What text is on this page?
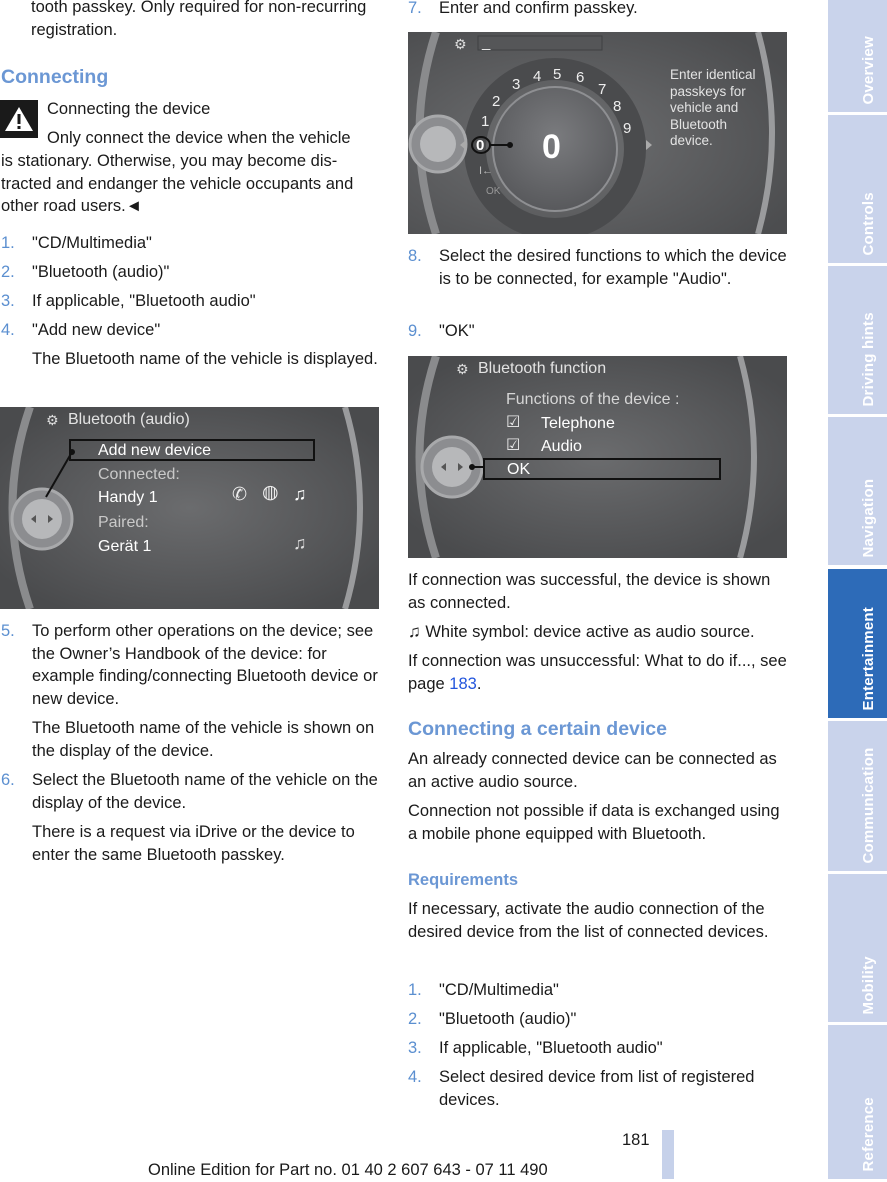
tooth passkey. Only required for non-recurring registration.

Connecting
Connecting the device
Only connect the device when the vehicle

is stationary. Otherwise, you may become distracted and endanger the vehicle occupants and other road users.◄

1. "CD/Multimedia"
2. "Bluetooth (audio)"
3. If applicable, "Bluetooth audio"
4. "Add new device"

The Bluetooth name of the vehicle is displayed.

⚙ Bluetooth (audio)
Add new device
Connected:
Handy 1	✆ ◍ ♫
Paired:
Gerät 1	♫
5. To perform other operations on the device; see the Owner’s Handbook of the device: for example finding/connecting Bluetooth device or new device.

The Bluetooth name of the vehicle is shown on the display of the device.

6. Select the Bluetooth name of the vehicle on the display of the device.

There is a request via iDrive or the device to enter the same Bluetooth passkey.

7. Enter and confirm passkey.
⚙ _
1
2
3 4 5 6
7
8
9
0 0
I←
OK
Enter identical
passkeys for
vehicle and
Bluetooth
device.
8. Select the desired functions to which the device is to be connected, for example "Audio".
9. "OK"
⚙ Bluetooth function
Functions of the device :
☑ Telephone
☑ Audio
OK

If connection was successful, the device is shown as connected.

♫ White symbol: device active as audio source.

If connection was unsuccessful: What to do if..., see page 183.

Connecting a certain device

An already connected device can be connected as an active audio source.

Connection not possible if data is exchanged using a mobile phone equipped with Bluetooth.

Requirements

If necessary, activate the audio connection of the desired device from the list of connected devices.

1. "CD/Multimedia"
2. "Bluetooth (audio)"
3. If applicable, "Bluetooth audio"
4. Select desired device from list of registered devices.
181
Online Edition for Part no. 01 40 2 607 643 - 07 11 490
Overview
Controls
Driving hints
Navigation
Entertainment
Communication
Mobility
Reference
